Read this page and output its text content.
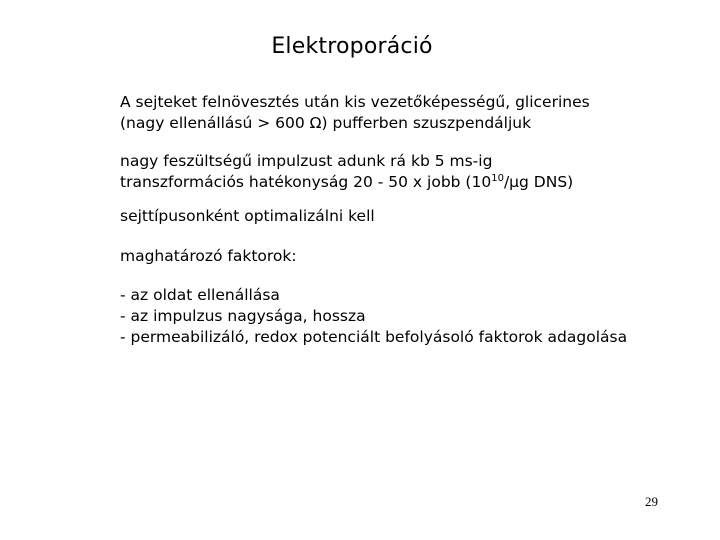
Elektroporáció
A sejteket felnövesztés után kis vezetőképességű, glicerines
(nagy ellenállású > 600 Ω) pufferben szuszpendáljuk
nagy feszültségű impulzust adunk rá kb 5 ms-ig
transzformációs hatékonyság 20 - 50 x jobb ($10^{10}/\mu g$ DNS)
sejttípusonként optimalizálni kell
maghatározó faktorok:
- az oldat ellenállása
- az impulzus nagysága, hossza
- permeabilizáló, redox potenciált befolyásoló faktorok adagolása
29
